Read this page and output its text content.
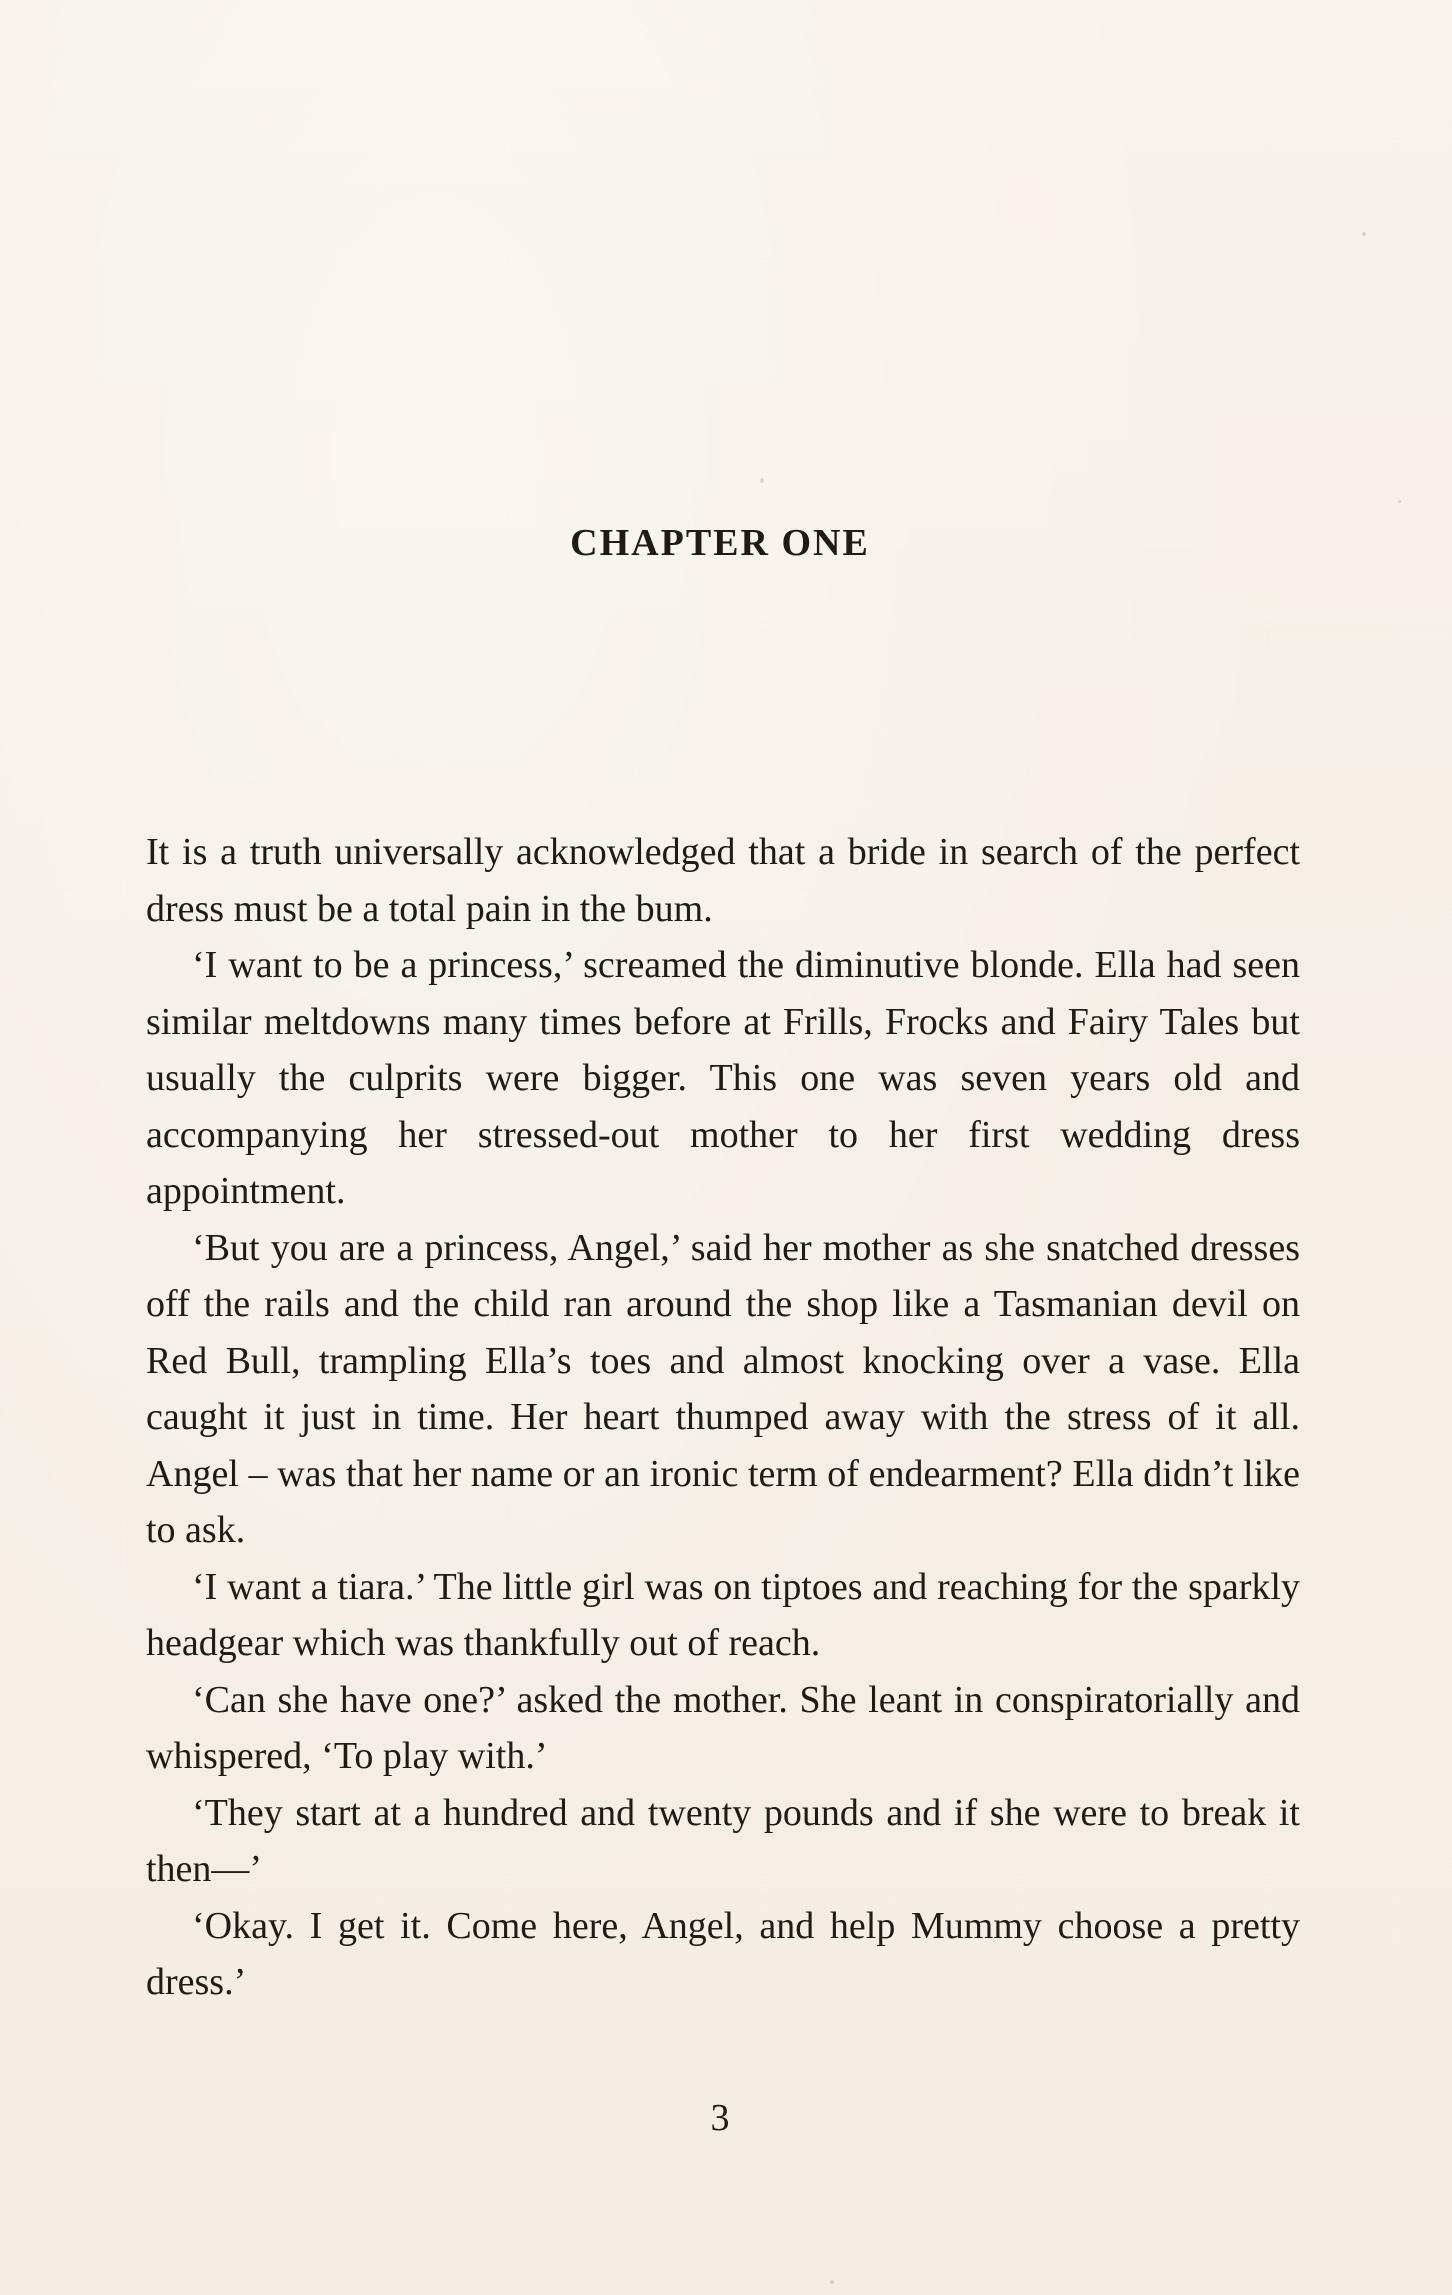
CHAPTER ONE

It is a truth universally acknowledged that a bride in search of the perfect dress must be a total pain in the bum.

‘I want to be a princess,’ screamed the diminutive blonde. Ella had seen similar meltdowns many times before at Frills, Frocks and Fairy Tales but usually the culprits were bigger. This one was seven years old and accompanying her stressed-out mother to her first wedding dress appointment.

‘But you are a princess, Angel,’ said her mother as she snatched dresses off the rails and the child ran around the shop like a Tasmanian devil on Red Bull, trampling Ella’s toes and almost knocking over a vase. Ella caught it just in time. Her heart thumped away with the stress of it all. Angel – was that her name or an ironic term of endearment? Ella didn’t like to ask.

‘I want a tiara.’ The little girl was on tiptoes and reaching for the sparkly headgear which was thankfully out of reach.

‘Can she have one?’ asked the mother. She leant in conspiratorially and whispered, ‘To play with.’

‘They start at a hundred and twenty pounds and if she were to break it then—’

‘Okay. I get it. Come here, Angel, and help Mummy choose a pretty dress.’

3
